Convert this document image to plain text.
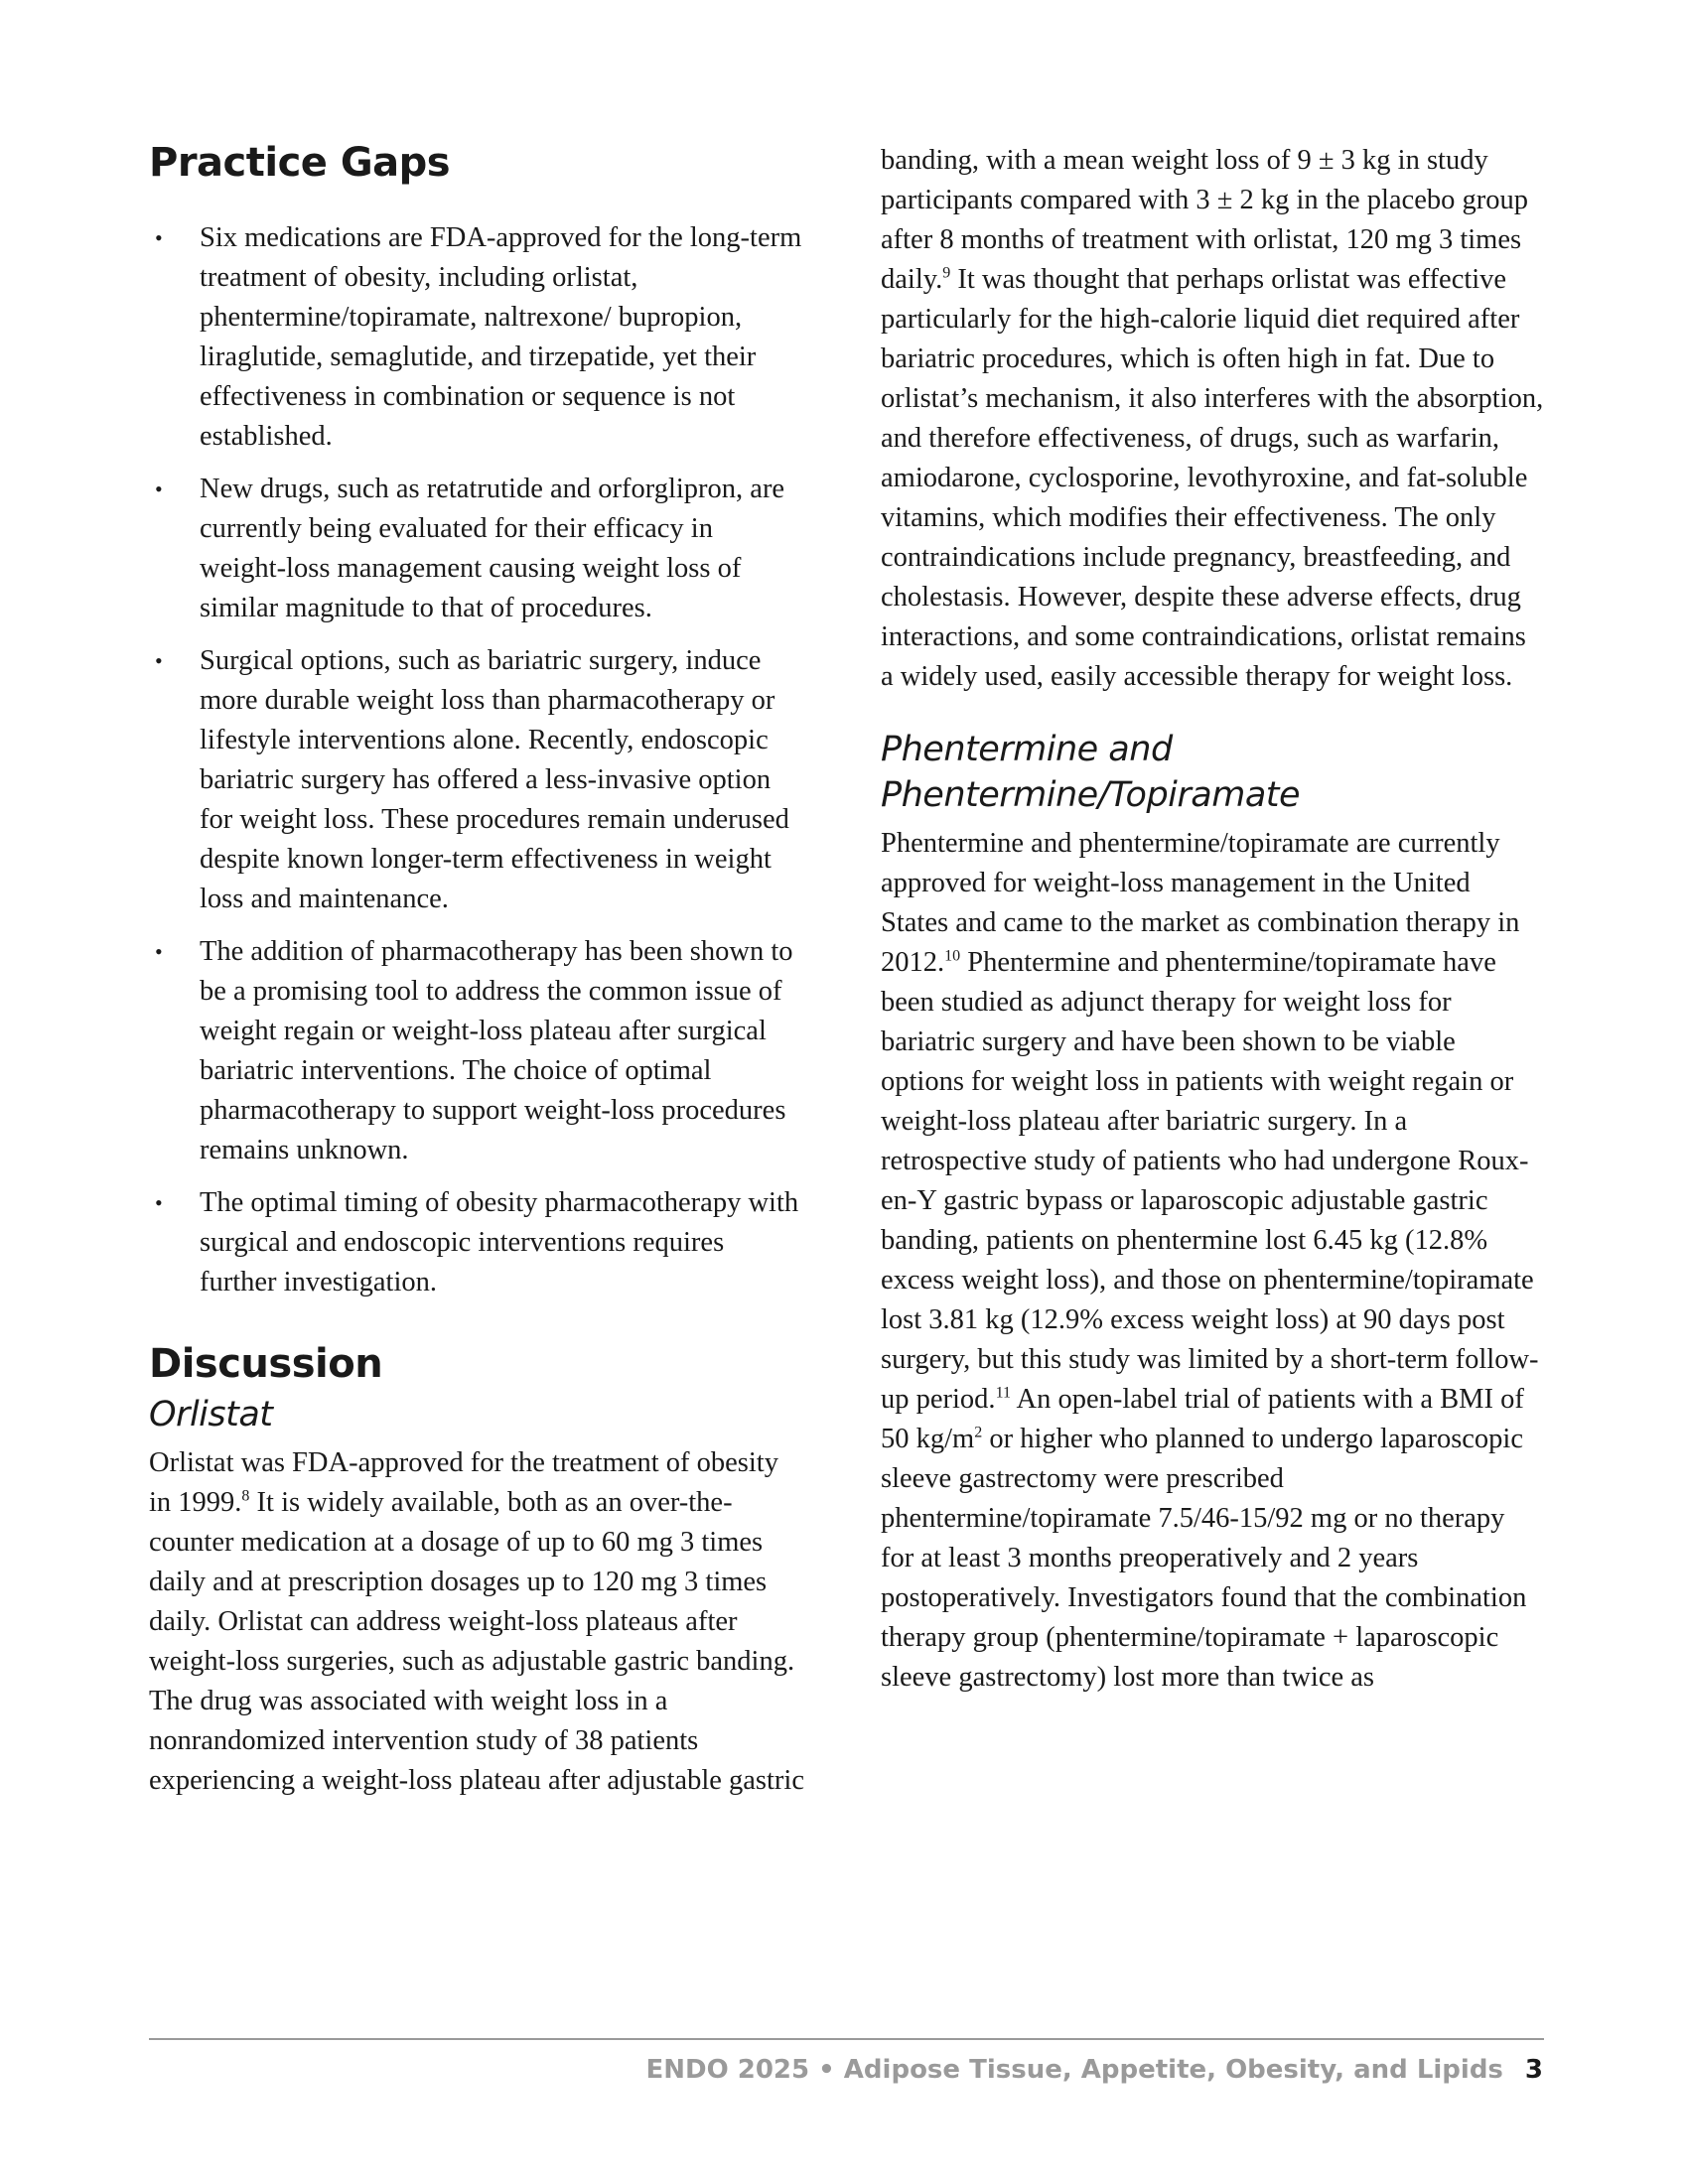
Practice Gaps
• Six medications are FDA-approved for the long-term treatment of obesity, including orlistat, phentermine/topiramate, naltrexone/ bupropion, liraglutide, semaglutide, and tirzepatide, yet their effectiveness in combination or sequence is not established.
• New drugs, such as retatrutide and orforglipron, are currently being evaluated for their efficacy in weight-loss management causing weight loss of similar magnitude to that of procedures.
• Surgical options, such as bariatric surgery, induce more durable weight loss than pharmacotherapy or lifestyle interventions alone. Recently, endoscopic bariatric surgery has offered a less-invasive option for weight loss. These procedures remain underused despite known longer-term effectiveness in weight loss and maintenance.
• The addition of pharmacotherapy has been shown to be a promising tool to address the common issue of weight regain or weight-loss plateau after surgical bariatric interventions. The choice of optimal pharmacotherapy to support weight-loss procedures remains unknown.
• The optimal timing of obesity pharmacotherapy with surgical and endoscopic interventions requires further investigation.
Discussion
Orlistat

Orlistat was FDA-approved for the treatment of obesity in 1999.$^8$ It is widely available, both as an over-the-counter medication at a dosage of up to 60 mg 3 times daily and at prescription dosages up to 120 mg 3 times daily. Orlistat can address weight-loss plateaus after weight-loss surgeries, such as adjustable gastric banding. The drug was associated with weight loss in a nonrandomized intervention study of 38 patients experiencing a weight-loss plateau after adjustable gastric

banding, with a mean weight loss of 9 ± 3 kg in study participants compared with 3 ± 2 kg in the placebo group after 8 months of treatment with orlistat, 120 mg 3 times daily.$^9$ It was thought that perhaps orlistat was effective particularly for the high-calorie liquid diet required after bariatric procedures, which is often high in fat. Due to orlistat’s mechanism, it also interferes with the absorption, and therefore effectiveness, of drugs, such as warfarin, amiodarone, cyclosporine, levothyroxine, and fat-soluble vitamins, which modifies their effectiveness. The only contraindications include pregnancy, breastfeeding, and cholestasis. However, despite these adverse effects, drug interactions, and some contraindications, orlistat remains a widely used, easily accessible therapy for weight loss.

Phentermine and Phentermine/Topiramate

Phentermine and phentermine/topiramate are currently approved for weight-loss management in the United States and came to the market as combination therapy in 2012.10 Phentermine and phentermine/topiramate have been studied as adjunct therapy for weight loss for bariatric surgery and have been shown to be viable options for weight loss in patients with weight regain or weight-loss plateau after bariatric surgery. In a retrospective study of patients who had undergone Roux-en-Y gastric bypass or laparoscopic adjustable gastric banding, patients on phentermine lost 6.45 kg (12.8% excess weight loss), and those on phentermine/topiramate lost 3.81 kg (12.9% excess weight loss) at 90 days post surgery, but this study was limited by a short-term follow-up period.$^{11}$ An open-label trial of patients with a BMI of 50 $kg/m^2$ or higher who planned to undergo laparoscopic sleeve gastrectomy were prescribed phentermine/topiramate 7.5/46-15/92 mg or no therapy for at least 3 months preoperatively and 2 years postoperatively. Investigators found that the combination therapy group (phentermine/topiramate + laparoscopic sleeve gastrectomy) lost more than twice as

ENDO 2025 • Adipose Tissue, Appetite, Obesity, and Lipids 3
